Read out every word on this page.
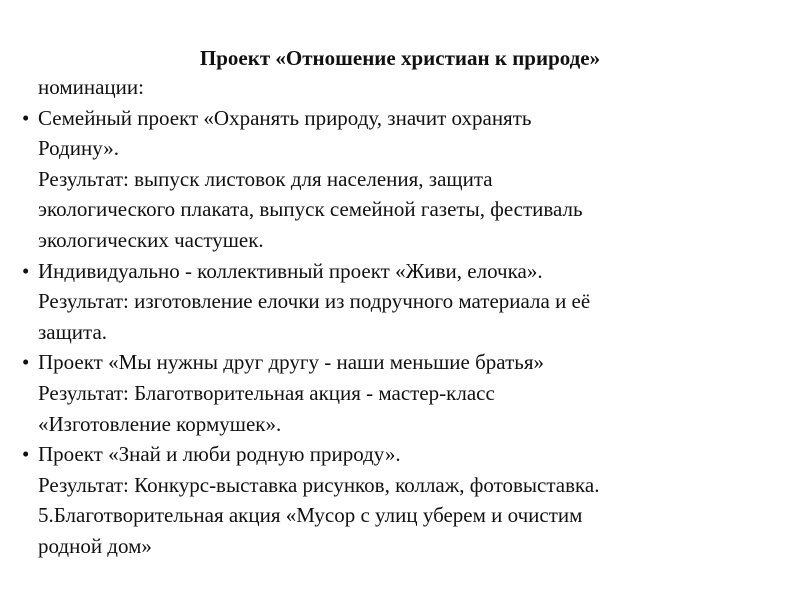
Проект «Отношение христиан к природе»
номинации:
• Семейный проект «Охранять природу, значит охранять
Родину».
Результат: выпуск листовок для населения, защита
экологического плаката, выпуск семейной газеты, фестиваль
экологических частушек.
• Индивидуально - коллективный проект «Живи, елочка».
Результат: изготовление елочки из подручного материала и её
защита.
• Проект «Мы нужны друг другу - наши меньшие братья»
Результат: Благотворительная акция - мастер-класс
«Изготовление кормушек».
• Проект «Знай и люби родную природу».
Результат: Конкурс-выставка рисунков, коллаж, фотовыставка.
5.Благотворительная акция «Мусор с улиц уберем и очистим
родной дом»
